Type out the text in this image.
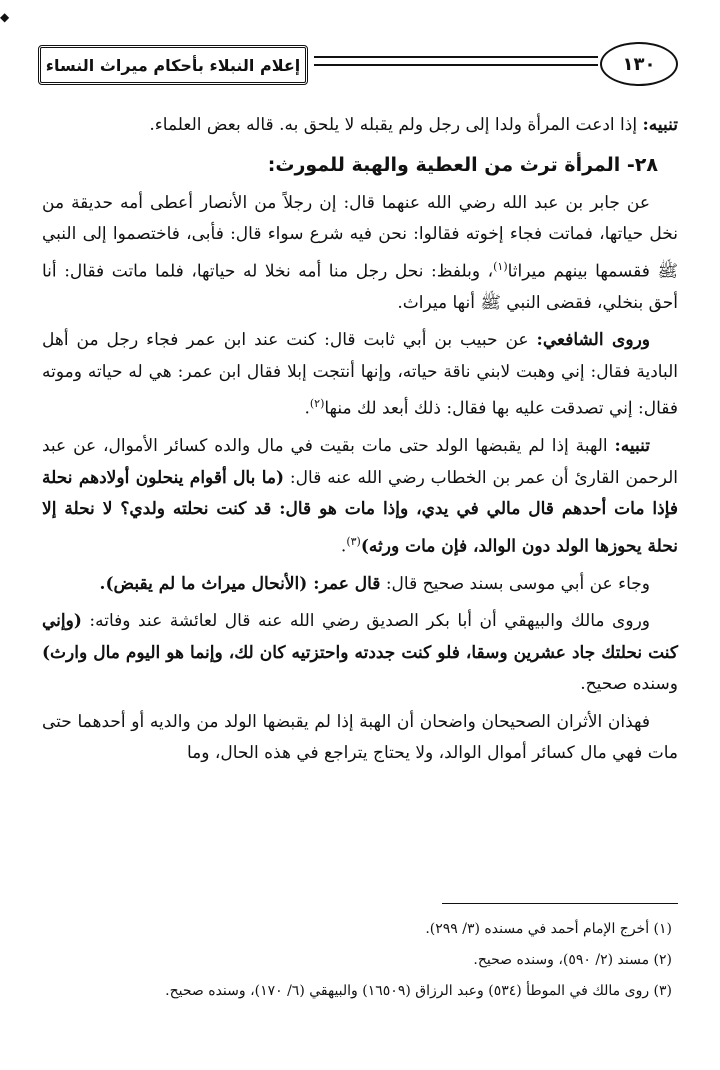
◆
إعلام النبلاء بأحكام ميراث النساء	١٣٠

تنبيه: إذا ادعت المرأة ولدا إلى رجل ولم يقبله لا يلحق به. قاله بعض العلماء.

٢٨- المرأة ترث من العطية والهبة للمورث:

عن جابر بن عبد الله رضي الله عنهما قال: إن رجلاً من الأنصار أعطى أمه حديقة من نخل حياتها، فماتت فجاء إخوته فقالوا: نحن فيه شرع سواء قال: فأبى، فاختصموا إلى النبي ﷺ فقسمها بينهم ميراثا$^{(١)}$، وبلفظ: نحل رجل منا أمه نخلا له حياتها، فلما ماتت فقال: أنا أحق بنخلي، فقضى النبي ﷺ أنها ميراث.

وروى الشافعي: عن حبيب بن أبي ثابت قال: كنت عند ابن عمر فجاء رجل من أهل البادية فقال: إني وهبت لابني ناقة حياته، وإنها أنتجت إبلا فقال ابن عمر: هي له حياته وموته فقال: إني تصدقت عليه بها فقال: ذلك أبعد لك منها$^{(٢)}$.

تنبيه: الهبة إذا لم يقبضها الولد حتى مات بقيت في مال والده كسائر الأموال، عن عبد الرحمن القارئ أن عمر بن الخطاب رضي الله عنه قال: (ما بال أقوام ينحلون أولادهم نحلة فإذا مات أحدهم قال مالي في يدي، وإذا مات هو قال: قد كنت نحلته ولدي؟ لا نحلة إلا نحلة يحوزها الولد دون الوالد، فإن مات ورثه)$^{(٣)}$.

وجاء عن أبي موسى بسند صحيح قال: قال عمر: (الأنحال ميراث ما لم يقبض).

وروى مالك والبيهقي أن أبا بكر الصديق رضي الله عنه قال لعائشة عند وفاته: (وإني كنت نحلتك جاد عشرين وسقا، فلو كنت جددته واحتزتيه كان لك، وإنما هو اليوم مال وارث) وسنده صحيح.

فهذان الأثران الصحيحان واضحان أن الهبة إذا لم يقبضها الولد من والديه أو أحدهما حتى مات فهي مال كسائر أموال الوالد، ولا يحتاج يتراجع في هذه الحال، وما

(١) أخرج الإمام أحمد في مسنده (٣/ ٢٩٩).

(٢) مسند (٢/ ٥٩٠)، وسنده صحيح.

(٣) روى مالك في الموطأ (٥٣٤) وعبد الرزاق (١٦٥٠٩) والبيهقي (٦/ ١٧٠)، وسنده صحيح.
